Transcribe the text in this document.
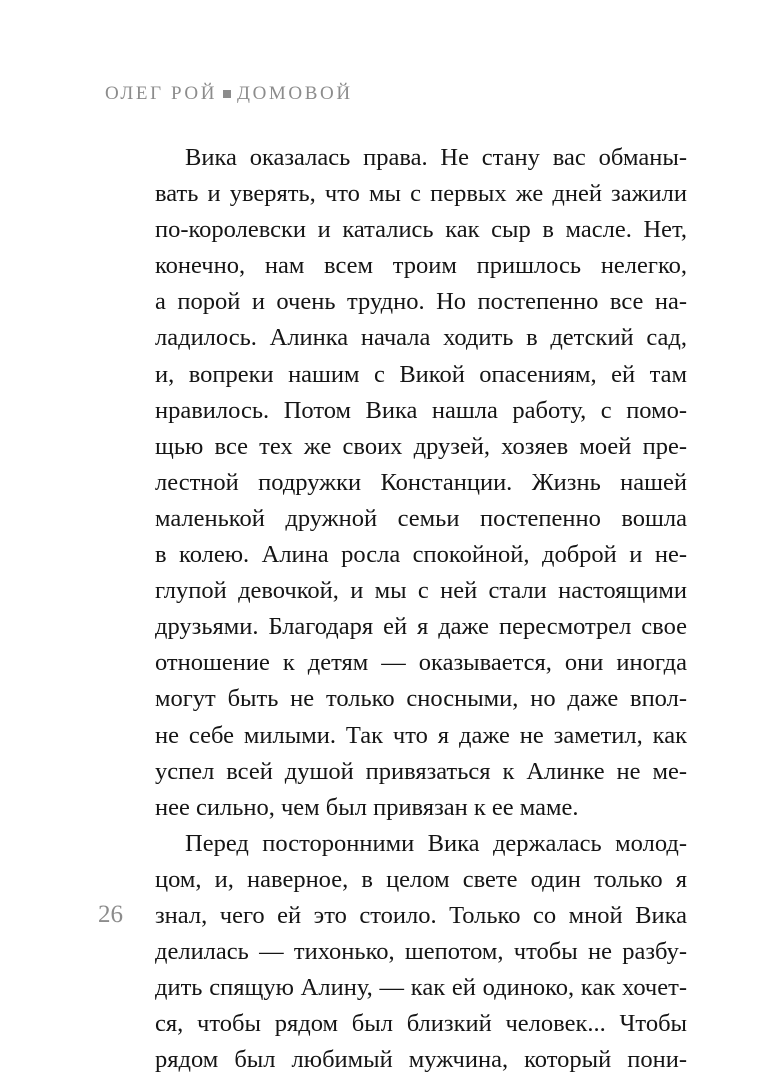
ОЛЕГ РОЙ ДОМОВОЙ
Вика оказалась права. Не стану вас обманы-
вать и уверять, что мы с первых же дней зажили
по-королевски и катались как сыр в масле. Нет,
конечно, нам всем троим пришлось нелегко,
а порой и очень трудно. Но постепенно все на-
ладилось. Алинка начала ходить в детский сад,
и, вопреки нашим с Викой опасениям, ей там
нравилось. Потом Вика нашла работу, с помо-
щью все тех же своих друзей, хозяев моей пре-
лестной подружки Констанции. Жизнь нашей
маленькой дружной семьи постепенно вошла
в колею. Алина росла спокойной, доброй и не-
глупой девочкой, и мы с ней стали настоящими
друзьями. Благодаря ей я даже пересмотрел свое
отношение к детям — оказывается, они иногда
могут быть не только сносными, но даже впол-
не себе милыми. Так что я даже не заметил, как
успел всей душой привязаться к Алинке не ме-
нее сильно, чем был привязан к ее маме.
Перед посторонними Вика держалась молод-
цом, и, наверное, в целом свете один только я
знал, чего ей это стоило. Только со мной Вика
делилась — тихонько, шепотом, чтобы не разбу-
дить спящую Алину, — как ей одиноко, как хочет-
ся, чтобы рядом был близкий человек... Чтобы
рядом был любимый мужчина, который пони-
26
